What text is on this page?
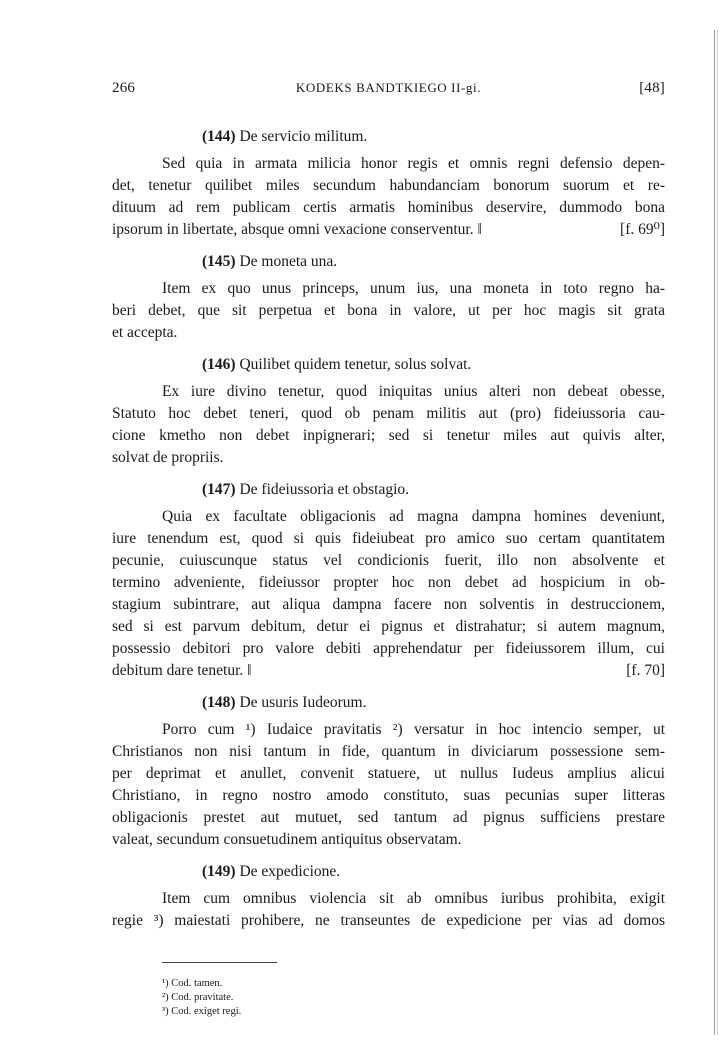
266	KODEKS BANDTKIEGO II-gi.	[48]
(144) De servicio militum.
Sed quia in armata milicia honor regis et omnis regni defensio depen-
det, tenetur quilibet miles secundum habundanciam bonorum suorum et re-
dituum ad rem publicam certis armatis hominibus deservire, dummodo bona
ipsorum in libertate, absque omni vexacione conserventur. ‖	[f. 69⁰]
(145) De moneta una.
Item ex quo unus princeps, unum ius, una moneta in toto regno ha-
beri debet, que sit perpetua et bona in valore, ut per hoc magis sit grata
et accepta.
(146) Quilibet quidem tenetur, solus solvat.
Ex iure divino tenetur, quod iniquitas unius alteri non debeat obesse,
Statuto hoc debet teneri, quod ob penam militis aut (pro) fideiussoria cau-
cione kmetho non debet inpignerari; sed si tenetur miles aut quivis alter,
solvat de propriis.
(147) De fideiussoria et obstagio.
Quia ex facultate obligacionis ad magna dampna homines deveniunt,
iure tenendum est, quod si quis fideiubeat pro amico suo certam quantitatem
pecunie, cuiuscunque status vel condicionis fuerit, illo non absolvente et
termino adveniente, fideiussor propter hoc non debet ad hospicium in ob-
stagium subintrare, aut aliqua dampna facere non solventis in destruccionem,
sed si est parvum debitum, detur ei pignus et distrahatur; si autem magnum,
possessio debitori pro valore debiti apprehendatur per fideiussorem illum, cui
debitum dare tenetur. ‖	[f. 70]
(148) De usuris Iudeorum.
Porro cum ¹) Iudaice pravitatis ²) versatur in hoc intencio semper, ut
Christianos non nisi tantum in fide, quantum in diviciarum possessione sem-
per deprimat et anullet, convenit statuere, ut nullus Iudeus amplius alicui
Christiano, in regno nostro amodo constituto, suas pecunias super litteras
obligacionis prestet aut mutuet, sed tantum ad pignus sufficiens prestare
valeat, secundum consuetudinem antiquitus observatam.
(149) De expedicione.
Item cum omnibus violencia sit ab omnibus iuribus prohibita, exigit
regie ³) maiestati prohibere, ne transeuntes de expedicione per vias ad domos
¹) Cod. tamen.
²) Cod. pravitate.
³) Cod. exiget regi.
